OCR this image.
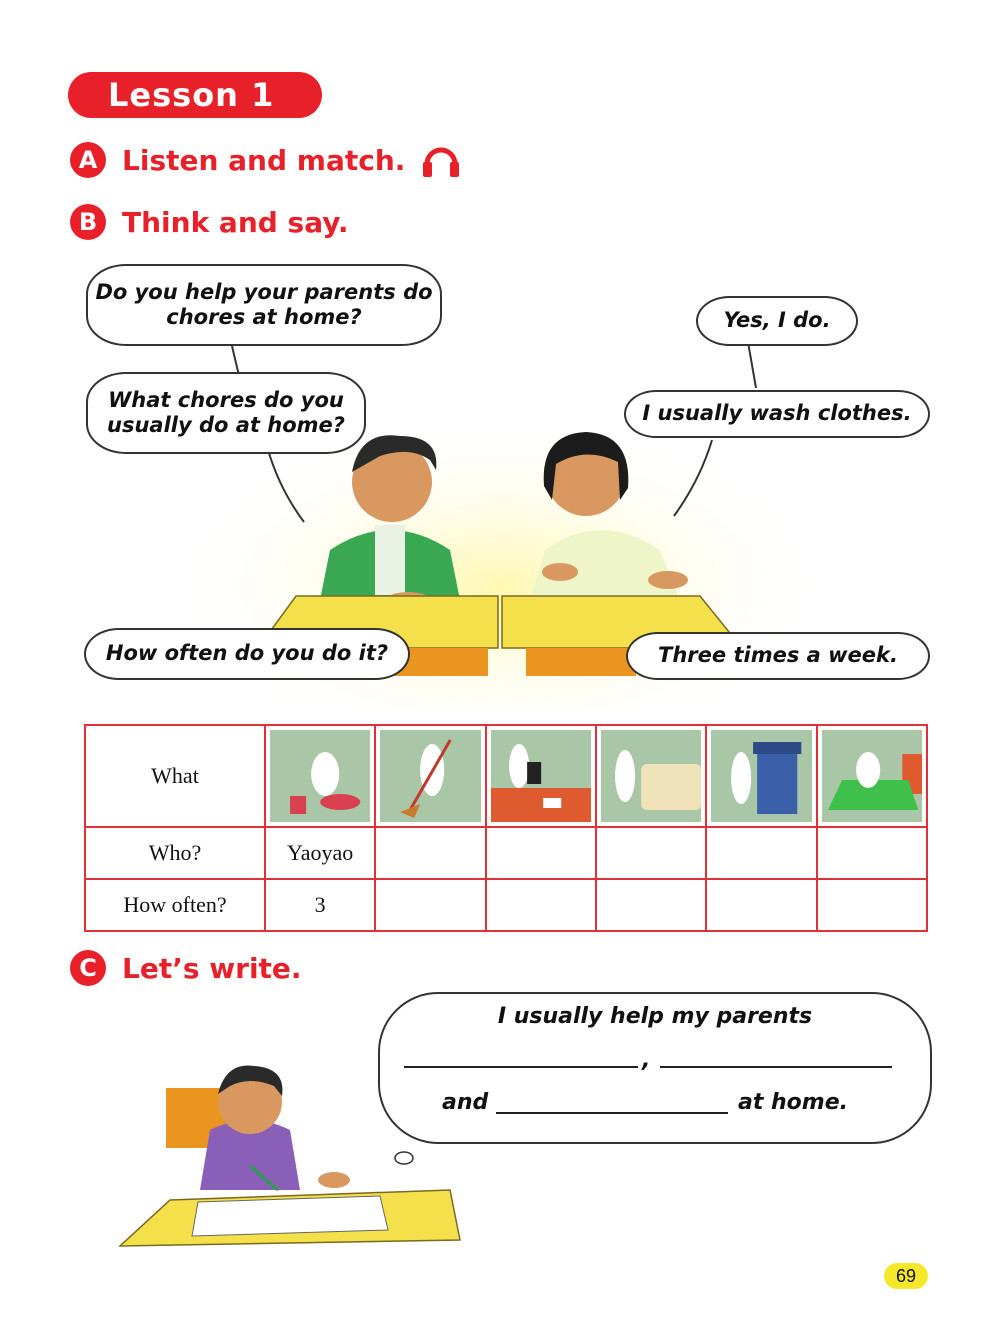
Lesson 1
A Listen and match.
B Think and say.
Do you help your parents do chores at home?	Yes, I do.
What chores do you usually do at home?	I usually wash clothes.
How often do you do it?	Three times a week.
What	

Who?	Yaoyao					
How often?	3					
C Let’s write.
I usually help my parents
,
and	at home.
69
